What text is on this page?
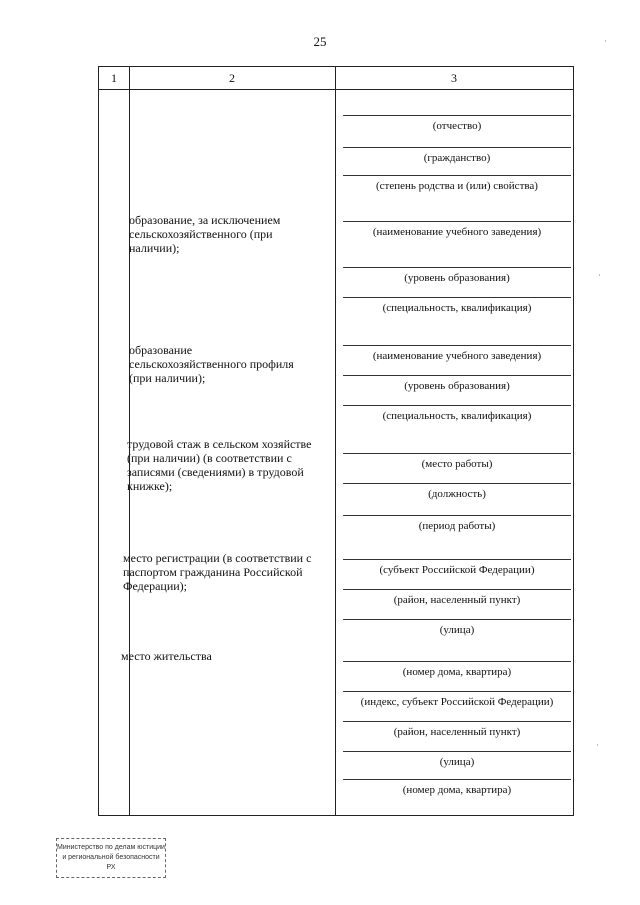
25
1	2	3
образование, за исключением сельскохозяйственного (при наличии);
образование сельскохозяйственного профиля (при наличии);
трудовой стаж в сельском хозяйстве (при наличии) (в соответствии с записями (сведениями) в трудовой книжке);
место регистрации (в соответствии с паспортом гражданина Российской Федерации);
место жительства
(отчество)
(гражданство)
(степень родства и (или) свойства)
(наименование учебного заведения)
(уровень образования)
(специальность, квалификация)
(наименование учебного заведения)
(уровень образования)
(специальность, квалификация)
(место работы)
(должность)
(период работы)
(субъект Российской Федерации)
(район, населенный пункт)
(улица)
(номер дома, квартира)
(индекс, субъект Российской Федерации)
(район, населенный пункт)
(улица)
(номер дома, квартира)
Министерство по делам юстиции и региональной безопасности РХ
·
·
·
